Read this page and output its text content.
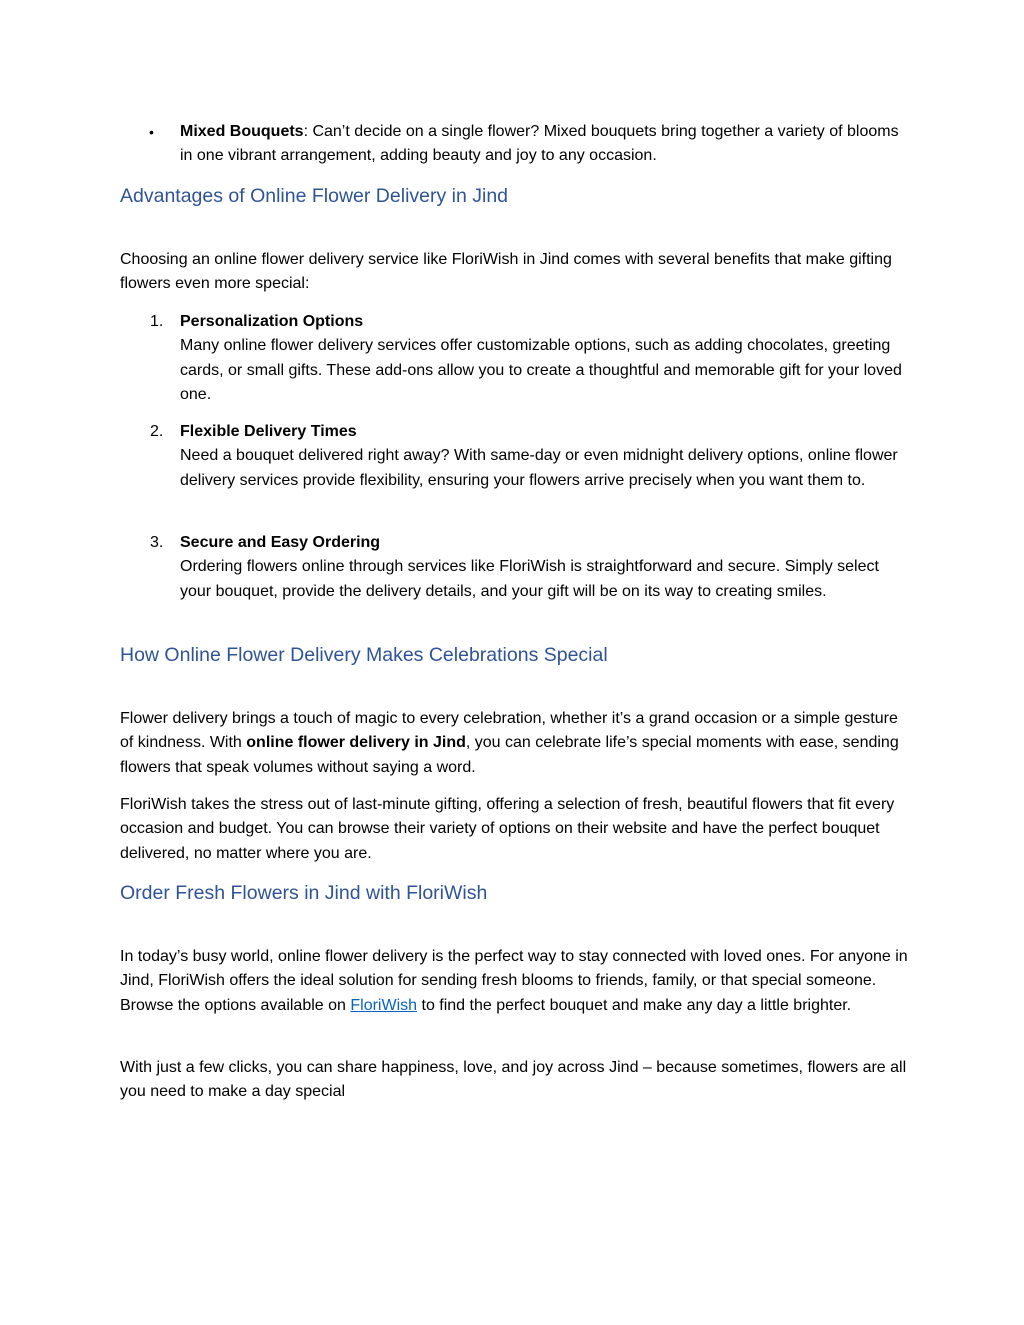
• Mixed Bouquets: Can’t decide on a single flower? Mixed bouquets bring together a variety of blooms in one vibrant arrangement, adding beauty and joy to any occasion.

Advantages of Online Flower Delivery in Jind

Choosing an online flower delivery service like FloriWish in Jind comes with several benefits that make gifting flowers even more special:

1. Personalization Options
Many online flower delivery services offer customizable options, such as adding chocolates, greeting cards, or small gifts. These add-ons allow you to create a thoughtful and memorable gift for your loved one.

2. Flexible Delivery Times
Need a bouquet delivered right away? With same-day or even midnight delivery options, online flower delivery services provide flexibility, ensuring your flowers arrive precisely when you want them to.

3. Secure and Easy Ordering
Ordering flowers online through services like FloriWish is straightforward and secure. Simply select your bouquet, provide the delivery details, and your gift will be on its way to creating smiles.

How Online Flower Delivery Makes Celebrations Special

Flower delivery brings a touch of magic to every celebration, whether it’s a grand occasion or a simple gesture of kindness. With online flower delivery in Jind, you can celebrate life’s special moments with ease, sending flowers that speak volumes without saying a word.

FloriWish takes the stress out of last-minute gifting, offering a selection of fresh, beautiful flowers that fit every occasion and budget. You can browse their variety of options on their website and have the perfect bouquet delivered, no matter where you are.

Order Fresh Flowers in Jind with FloriWish

In today’s busy world, online flower delivery is the perfect way to stay connected with loved ones. For anyone in Jind, FloriWish offers the ideal solution for sending fresh blooms to friends, family, or that special someone. Browse the options available on FloriWish to find the perfect bouquet and make any day a little brighter.

With just a few clicks, you can share happiness, love, and joy across Jind – because sometimes, flowers are all you need to make a day special
